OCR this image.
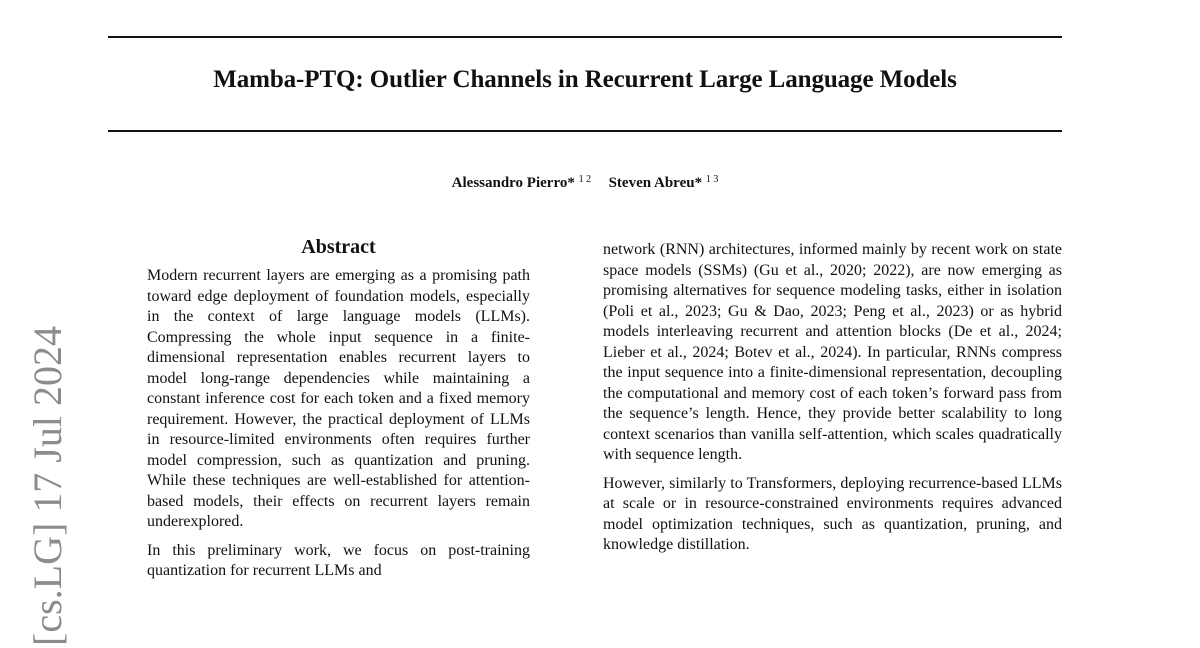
Mamba-PTQ: Outlier Channels in Recurrent Large Language Models
Alessandro Pierro* $^{1 2}$ Steven Abreu* $^{1 3}$
[cs.LG] 17 Jul 2024
Abstract

Modern recurrent layers are emerging as a promising path toward edge deployment of foundation models, especially in the context of large language models (LLMs). Compressing the whole input sequence in a finite-dimensional representation enables recurrent layers to model long-range dependencies while maintaining a constant inference cost for each token and a fixed memory requirement. However, the practical deployment of LLMs in resource-limited environments often requires further model compression, such as quantization and pruning. While these techniques are well-established for attention-based models, their effects on recurrent layers remain underexplored.

In this preliminary work, we focus on post-training quantization for recurrent LLMs and

network (RNN) architectures, informed mainly by recent work on state space models (SSMs) (Gu et al., 2020; 2022), are now emerging as promising alternatives for sequence modeling tasks, either in isolation (Poli et al., 2023; Gu & Dao, 2023; Peng et al., 2023) or as hybrid models interleaving recurrent and attention blocks (De et al., 2024; Lieber et al., 2024; Botev et al., 2024). In particular, RNNs compress the input sequence into a finite-dimensional representation, decoupling the computational and memory cost of each token’s forward pass from the sequence’s length. Hence, they provide better scalability to long context scenarios than vanilla self-attention, which scales quadratically with sequence length.

However, similarly to Transformers, deploying recurrence-based LLMs at scale or in resource-constrained environments requires advanced model optimization techniques, such as quantization, pruning, and knowledge distillation.
